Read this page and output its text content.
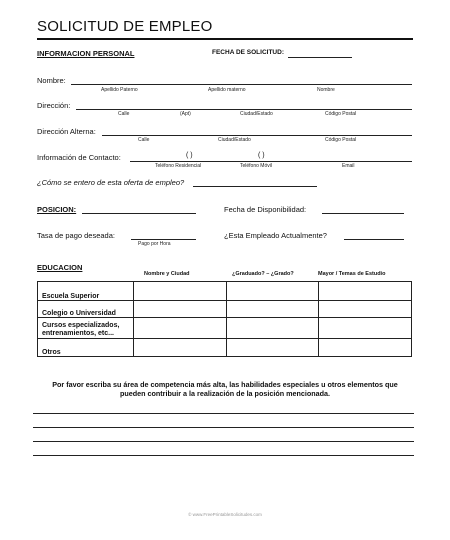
SOLICITUD DE EMPLEO
INFORMACION PERSONAL	FECHA DE SOLICITUD:
Nombre:
Apellido Paterno	Apellido materno	Nombre
Dirección:
Calle	(Apt)	Ciudad/Estado	Código Postal
Dirección Alterna:
Calle	Ciudad/Estado	Código Postal
Información de Contacto:	( )	( )
Teléfono Residencial	Teléfono Móvil	Email
¿Cómo se entero de esta oferta de empleo?
POSICION:	Fecha de Disponibilidad:
Tasa de pago deseada:
Pago por Hora
¿Esta Empleado Actualmente?
EDUCACION
Nombre y Ciudad	¿Graduado? – ¿Grado?	Mayor / Temas de Estudio
Escuela Superior			
Colegio o Universidad			
Cursos especializados, entrenamientos, etc...			
Otros			
Por favor escriba su área de competencia más alta, las habilidades especiales u otros elementos que pueden contribuir a la realización de la posición mencionada.
© www.FreePrintableSolicitudes.com
